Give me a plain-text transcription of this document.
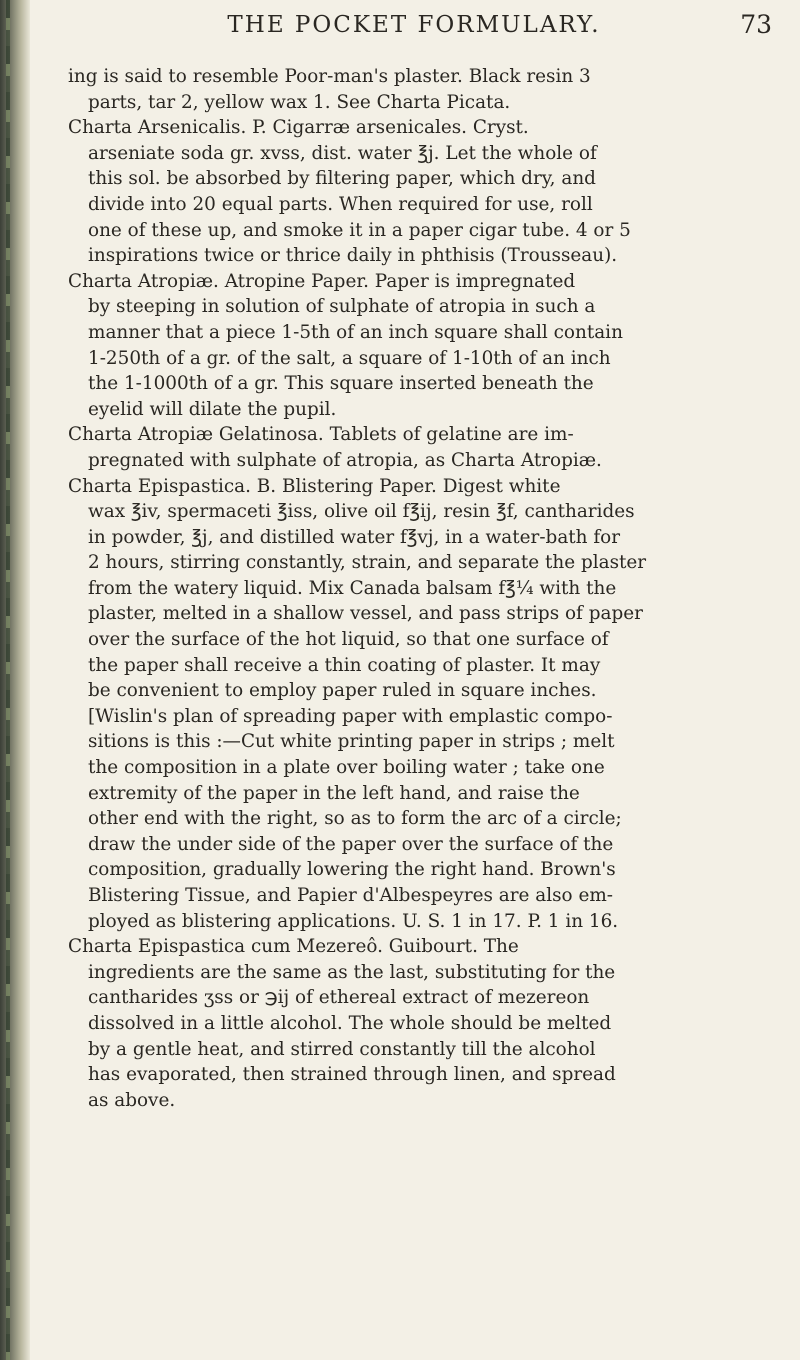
THE POCKET FORMULARY.	73
ing is said to resemble Poor-man's plaster. Black resin 3
parts, tar 2, yellow wax 1. See Charta Picata.
Charta Arsenicalis. P. Cigarræ arsenicales. Cryst.
arseniate soda gr. xvss, dist. water ℥j. Let the whole of
this sol. be absorbed by filtering paper, which dry, and
divide into 20 equal parts. When required for use, roll
one of these up, and smoke it in a paper cigar tube. 4 or 5
inspirations twice or thrice daily in phthisis (Trousseau).
Charta Atropiæ. Atropine Paper. Paper is impregnated
by steeping in solution of sulphate of atropia in such a
manner that a piece 1-5th of an inch square shall contain
1-250th of a gr. of the salt, a square of 1-10th of an inch
the 1-1000th of a gr. This square inserted beneath the
eyelid will dilate the pupil.
Charta Atropiæ Gelatinosa. Tablets of gelatine are im-
pregnated with sulphate of atropia, as Charta Atropiæ.
Charta Epispastica. B. Blistering Paper. Digest white
wax ℥iv, spermaceti ℥iss, olive oil f℥ij, resin ℥f, cantharides
in powder, ℥j, and distilled water f℥vj, in a water-bath for
2 hours, stirring constantly, strain, and separate the plaster
from the watery liquid. Mix Canada balsam f℥¼ with the
plaster, melted in a shallow vessel, and pass strips of paper
over the surface of the hot liquid, so that one surface of
the paper shall receive a thin coating of plaster. It may
be convenient to employ paper ruled in square inches.
[Wislin's plan of spreading paper with emplastic compo-
sitions is this :—Cut white printing paper in strips ; melt
the composition in a plate over boiling water ; take one
extremity of the paper in the left hand, and raise the
other end with the right, so as to form the arc of a circle;
draw the under side of the paper over the surface of the
composition, gradually lowering the right hand. Brown's
Blistering Tissue, and Papier d'Albespeyres are also em-
ployed as blistering applications. U. S. 1 in 17. P. 1 in 16.
Charta Epispastica cum Mezereô. Guibourt. The
ingredients are the same as the last, substituting for the
cantharides ʒss or ℈ij of ethereal extract of mezereon
dissolved in a little alcohol. The whole should be melted
by a gentle heat, and stirred constantly till the alcohol
has evaporated, then strained through linen, and spread
as above.
